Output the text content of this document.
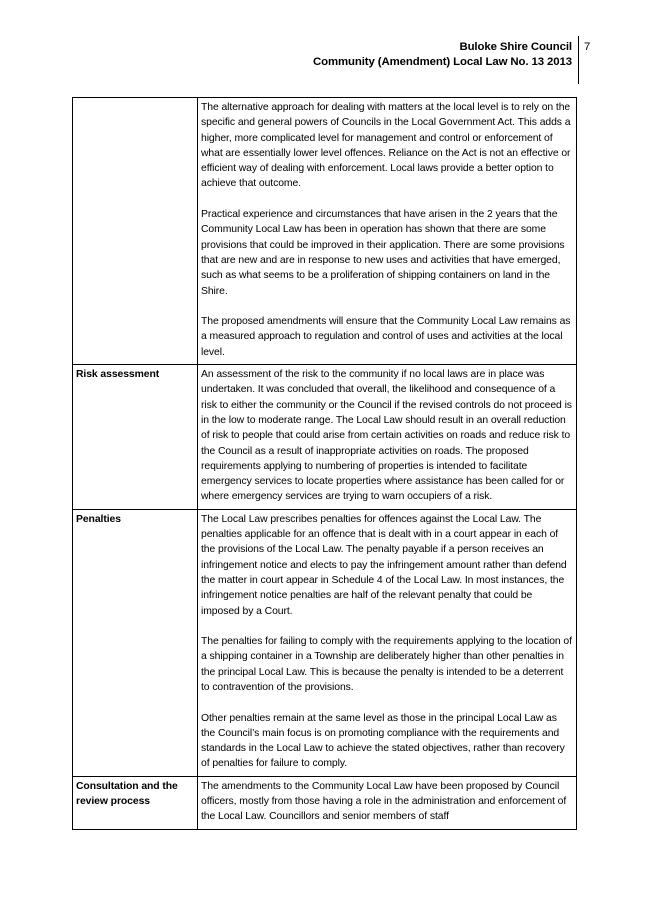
Buloke Shire Council
Community (Amendment) Local Law No. 13 2013
7

	The alternative approach for dealing with matters at the local level is to rely on the specific and general powers of Councils in the Local Government Act. This adds a higher, more complicated level for management and control or enforcement of what are essentially lower level offences. Reliance on the Act is not an effective or efficient way of dealing with enforcement. Local laws provide a better option to achieve that outcome.

Practical experience and circumstances that have arisen in the 2 years that the Community Local Law has been in operation has shown that there are some provisions that could be improved in their application. There are some provisions that are new and are in response to new uses and activities that have emerged, such as what seems to be a proliferation of shipping containers on land in the Shire.

The proposed amendments will ensure that the Community Local Law remains as a measured approach to regulation and control of uses and activities at the local level.

Risk assessment	An assessment of the risk to the community if no local laws are in place was undertaken. It was concluded that overall, the likelihood and consequence of a risk to either the community or the Council if the revised controls do not proceed is in the low to moderate range. The Local Law should result in an overall reduction of risk to people that could arise from certain activities on roads and reduce risk to the Council as a result of inappropriate activities on roads. The proposed requirements applying to numbering of properties is intended to facilitate emergency services to locate properties where assistance has been called for or where emergency services are trying to warn occupiers of a risk.

Penalties	The Local Law prescribes penalties for offences against the Local Law. The penalties applicable for an offence that is dealt with in a court appear in each of the provisions of the Local Law. The penalty payable if a person receives an infringement notice and elects to pay the infringement amount rather than defend the matter in court appear in Schedule 4 of the Local Law. In most instances, the infringement notice penalties are half of the relevant penalty that could be imposed by a Court.

The penalties for failing to comply with the requirements applying to the location of a shipping container in a Township are deliberately higher than other penalties in the principal Local Law. This is because the penalty is intended to be a deterrent to contravention of the provisions.

Other penalties remain at the same level as those in the principal Local Law as the Council’s main focus is on promoting compliance with the requirements and standards in the Local Law to achieve the stated objectives, rather than recovery of penalties for failure to comply.

Consultation and the review process	The amendments to the Community Local Law have been proposed by Council officers, mostly from those having a role in the administration and enforcement of the Local Law. Councillors and senior members of staff
